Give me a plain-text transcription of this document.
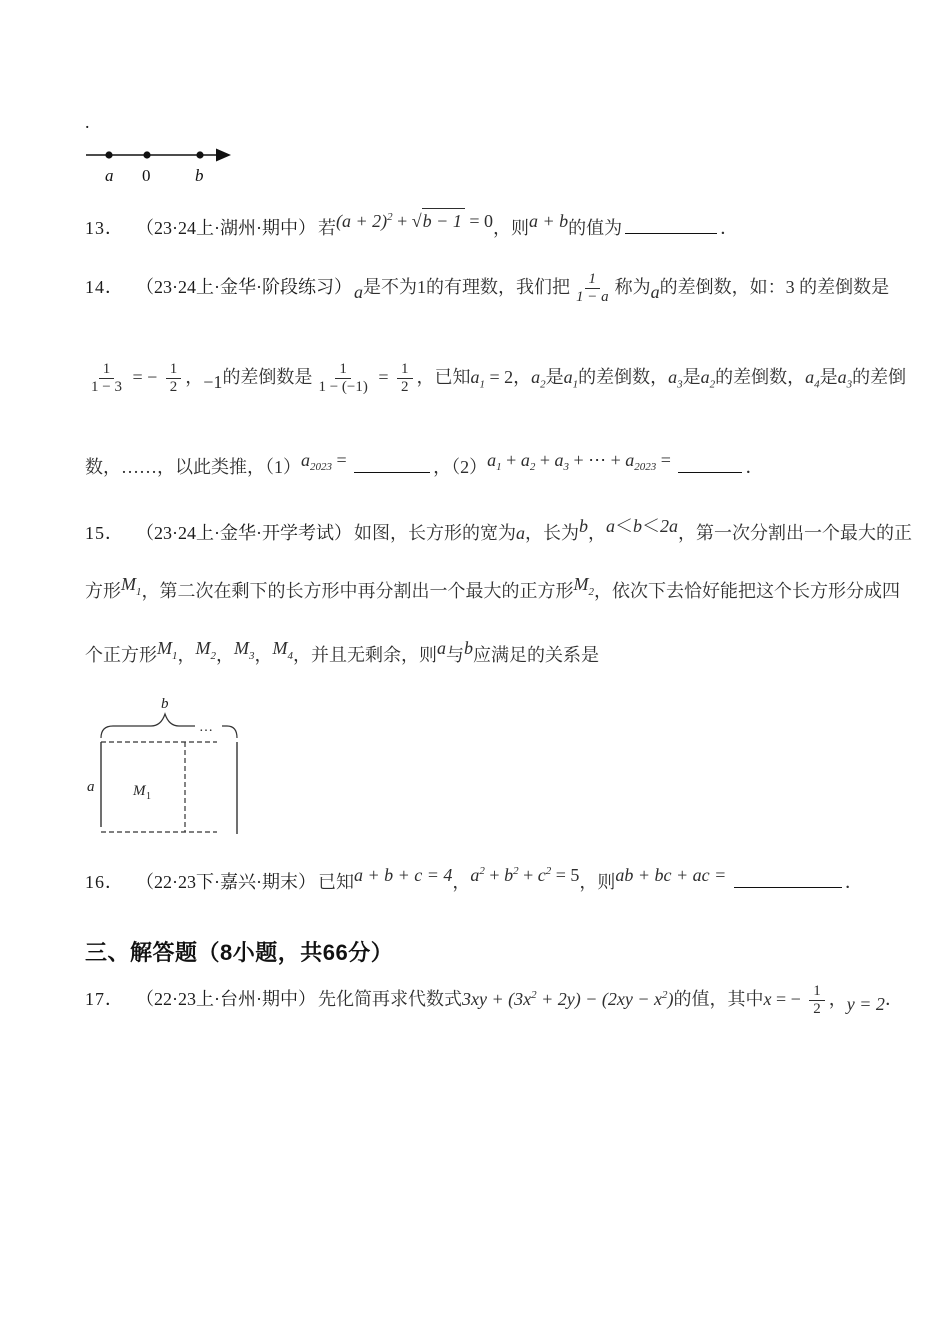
.
a 0	b
13． （23·24上·湖州·期中） 若$(a + 2)^2 + √b - 1 = 0$，则a + b的值为	．
14． （23·24上·金华·阶段练习） a是不为1的有理数，我们把 $\frac{1}{1 - a}$ 称为a的差倒数，如：3 的差倒数是
$\frac{1}{1 - 3}$ = − $\frac{1}{2}$ ，−1的差倒数是 $\frac{1}{1 - (-1)} = \frac{1}{2}$ ，已知$a_1 = 2$，$a_2$是$a_1$的差倒数，$a_3$是$a_2$的差倒数，$a_4$是$a_3$的差倒
数，……，以此类推，$(1)a_{2023}$ =	，$(2)a_1 + a_2 + a_3$ + ⋯ + $a_{2023}$ =	．
15． （23·24上·金华·开学考试） 如图，长方形的宽为a，长为b，a＜b＜2a，第一次分割出一个最大的正
方形$M_1$，第二次在剩下的长方形中再分割出一个最大的正方形$M_2$，依次下去恰好能把这个长方形分成四
个正方形$M_1$，$M_2$，$M_3$，$M_4$，并且无剩余，则a与b应满足的关系是
b
…
a	M 1
16． （22·23下·嘉兴·期末） 已知a + b + c = 4，$a^2 + b^2 + c^2 = 5$，则ab + bc + ac =	．
三、解答题（8小题，共66分）
17． （22·23上·台州·期中） 先化简再求代数式$3xy + (3x^2 + 2y) - (2xy - x^2)$的值，其中x = − $\frac{1}{2}$ ，y = 2．
